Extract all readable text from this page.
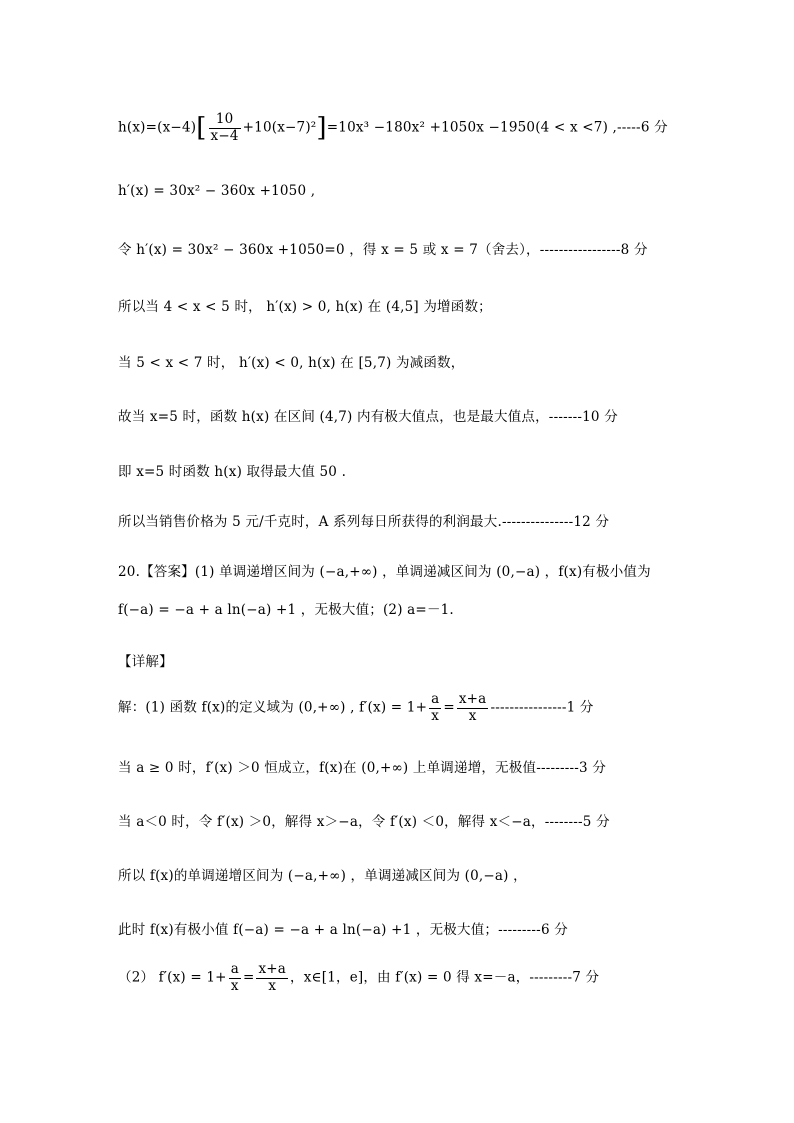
$h(x)=(x-4)[ \frac{10}{x-4} +10(x-7)^2]=10x^3 -180x^2 +1050x -1950(4 < x <7)$ ,-----6 分
h′(x) = 30x² − 360x +1050 ,
令 h′(x) = 30x² − 360x +1050=0 ，得 x = 5 或 x = 7（舍去），-----------------8 分
所以当 4 < x < 5 时， h′(x) > 0, h(x) 在 (4,5] 为增函数；
当 5 < x < 7 时， h′(x) < 0, h(x) 在 [5,7) 为减函数，
故当 x=5 时，函数 h(x) 在区间 (4,7) 内有极大值点，也是最大值点，-------10 分
即 x=5 时函数 h(x) 取得最大值 50 .
所以当销售价格为 5 元/千克时，A 系列每日所获得的利润最大.---------------12 分
20.【答案】(1) 单调递增区间为 (−a,+∞) ，单调递减区间为 (0,−a) ，f(x)有极小值为
f(−a) = −a + a ln(−a) +1 ，无极大值；(2) a=－1.
【详解】
解：(1) 函数 f(x)的定义域为 (0,+∞) , $f'(x) = 1+ \frac{a}{x} = \frac{x+a}{x} ----------------1$ 分
当 a ≥ 0 时，f′(x) ＞0 恒成立，f(x)在 (0,+∞) 上单调递增，无极值---------3 分
当 a＜0 时，令 f′(x) ＞0，解得 x＞−a，令 f′(x) ＜0，解得 x＜−a，--------5 分
所以 f(x)的单调递增区间为 (−a,+∞) ，单调递减区间为 (0,−a) ，
此时 f(x)有极小值 f(−a) = −a + a ln(−a) +1 ，无极大值；---------6 分
（2） $f'(x) = 1+ \frac{a}{x} = \frac{x+a}{x}$ ，x∈[1，e]，由 f′(x) = 0 得 x=－a，---------7 分
